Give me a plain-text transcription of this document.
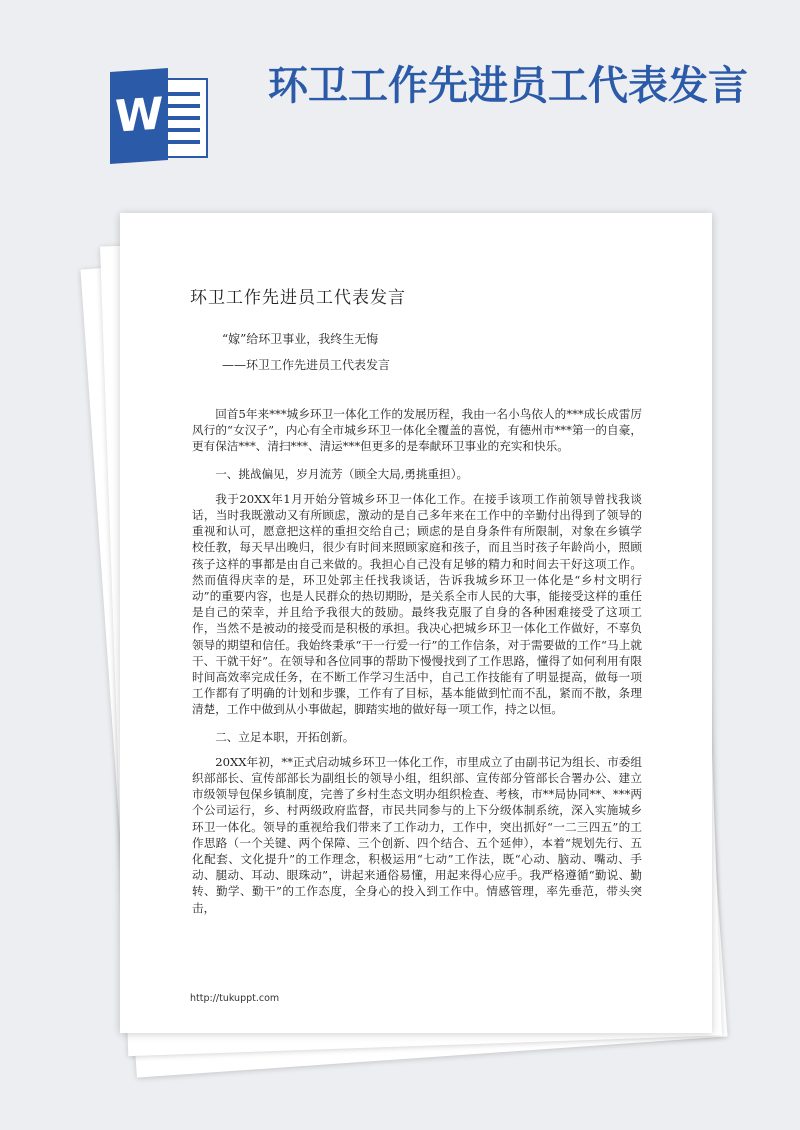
W
环卫工作先进员工代表发言
环卫工作先进员工代表发言

“嫁”给环卫事业，我终生无悔

——环卫工作先进员工代表发言

回首5年来***城乡环卫一体化工作的发展历程，我由一名小鸟依人的***成长成雷厉风行的“女汉子”，内心有全市城乡环卫一体化全覆盖的喜悦，有德州市***第一的自豪，更有保洁***、清扫***、清运***但更多的是奉献环卫事业的充实和快乐。

一、挑战偏见，岁月流芳（顾全大局,勇挑重担）。

我于20XX年1月开始分管城乡环卫一体化工作。在接手该项工作前领导曾找我谈话，当时我既激动又有所顾虑，激动的是自己多年来在工作中的辛勤付出得到了领导的重视和认可，愿意把这样的重担交给自己；顾虑的是自身条件有所限制，对象在乡镇学校任教，每天早出晚归，很少有时间来照顾家庭和孩子，而且当时孩子年龄尚小，照顾孩子这样的事都是由自己来做的。我担心自己没有足够的精力和时间去干好这项工作。然而值得庆幸的是，环卫处郭主任找我谈话，告诉我城乡环卫一体化是“乡村文明行动”的重要内容，也是人民群众的热切期盼，是关系全市人民的大事，能接受这样的重任是自己的荣幸，并且给予我很大的鼓励。最终我克服了自身的各种困难接受了这项工作，当然不是被动的接受而是积极的承担。我决心把城乡环卫一体化工作做好，不辜负领导的期望和信任。我始终秉承“干一行爱一行”的工作信条，对于需要做的工作“马上就干、干就干好”。在领导和各位同事的帮助下慢慢找到了工作思路，懂得了如何利用有限时间高效率完成任务，在不断工作学习生活中，自己工作技能有了明显提高，做每一项工作都有了明确的计划和步骤，工作有了目标，基本能做到忙而不乱，紧而不散，条理清楚，工作中做到从小事做起，脚踏实地的做好每一项工作，持之以恒。

二、立足本职，开拓创新。

20XX年初，**正式启动城乡环卫一体化工作，市里成立了由副书记为组长、市委组织部部长、宣传部部长为副组长的领导小组，组织部、宣传部分管部长合署办公、建立市级领导包保乡镇制度，完善了乡村生态文明办组织检查、考核，市**局协同**、***两个公司运行，乡、村两级政府监督，市民共同参与的上下分级体制系统，深入实施城乡环卫一体化。领导的重视给我们带来了工作动力，工作中，突出抓好“一二三四五”的工作思路（一个关键、两个保障、三个创新、四个结合、五个延伸），本着“规划先行、五化配套、文化提升”的工作理念，积极运用“七动”工作法，既“心动、脑动、嘴动、手动、腿动、耳动、眼珠动”，讲起来通俗易懂，用起来得心应手。我严格遵循“勤说、勤转、勤学、勤干”的工作态度，全身心的投入到工作中。情感管理，率先垂范，带头突击，

http://tukuppt.com
